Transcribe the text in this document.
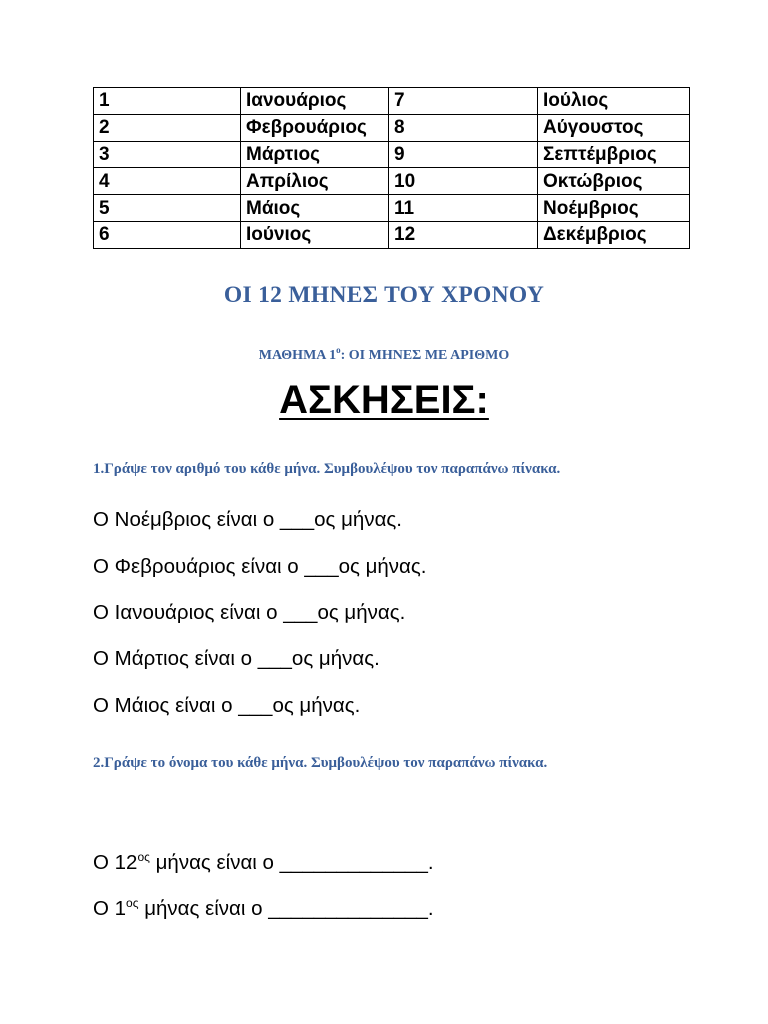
1	Ιανουάριος	7	Ιούλιος
2	Φεβρουάριος	8	Αύγουστος
3	Μάρτιος	9	Σεπτέμβριος
4	Απρίλιος	10	Οκτώβριος
5	Μάιος	11	Νοέμβριος
6	Ιούνιος	12	Δεκέμβριος
ΟΙ 12 ΜΗΝΕΣ ΤΟΥ ΧΡΟΝΟΥ
ΜΑΘΗΜΑ $1^o$: ΟΙ ΜΗΝΕΣ ΜΕ ΑΡΙΘΜΟ
ΑΣΚΗΣΕΙΣ:

1.Γράψε τον αριθμό του κάθε μήνα. Συμβουλέψου τον παραπάνω πίνακα.

Ο Νοέμβριος είναι ο ___ος μήνας.
Ο Φεβρουάριος είναι ο ___ος μήνας.
Ο Ιανουάριος είναι ο ___ος μήνας.
Ο Μάρτιος είναι ο ___ος μήνας.
Ο Μάιος είναι ο ___ος μήνας.

2.Γράψε το όνομα του κάθε μήνα. Συμβουλέψου τον παραπάνω πίνακα.

Ο $12^{o\varsigma}$ μήνας είναι ο _____________.
Ο $1^{o\varsigma}$ μήνας είναι ο ______________.
